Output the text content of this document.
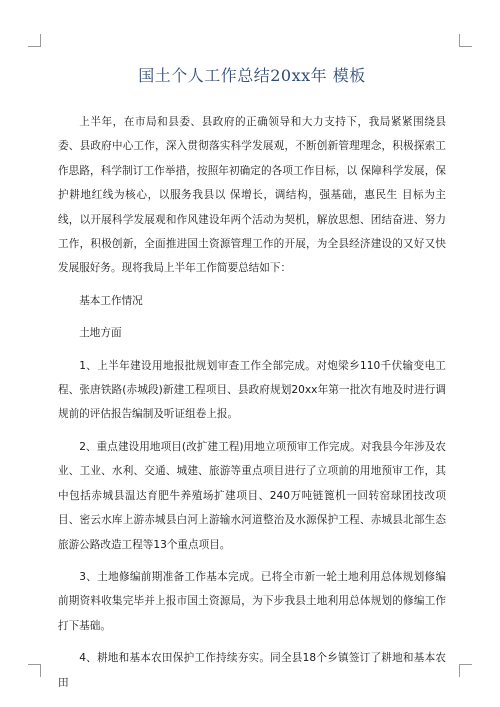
国土个人工作总结20xx年 模板

上半年，在市局和县委、县政府的正确领导和大力支持下，我局紧紧围绕县委、县政府中心工作，深入贯彻落实科学发展观，不断创新管理理念，积极探索工作思路，科学制订工作举措，按照年初确定的各项工作目标，以 保障科学发展，保护耕地红线为核心，以服务我县以 保增长，调结构，强基础，惠民生 目标为主线，以开展科学发展观和作风建设年两个活动为契机，解放思想、团结奋进、努力工作，积极创新，全面推进国土资源管理工作的开展，为全县经济建设的又好又快发展服好务。现将我局上半年工作简要总结如下：

基本工作情况

土地方面

1、上半年建设用地报批规划审查工作全部完成。对炮梁乡110千伏输变电工程、张唐铁路(赤城段)新建工程项目、县政府规划20xx年第一批次有地及时进行调规前的评估报告编制及听证组卷上报。

2、重点建设用地项目(改扩建工程)用地立项预审工作完成。对我县今年涉及农业、工业、水利、交通、城建、旅游等重点项目进行了立项前的用地预审工作，其中包括赤城县温达育肥牛养殖场扩建项目、240万吨链篦机一回转窑球团技改项目、密云水库上游赤城县白河上游输水河道整治及水源保护工程、赤城县北部生态旅游公路改造工程等13个重点项目。

3、土地修编前期准备工作基本完成。已将全市新一轮土地利用总体规划修编前期资料收集完毕并上报市国土资源局，为下步我县土地利用总体规划的修编工作打下基础。

4、耕地和基本农田保护工作持续夯实。同全县18个乡镇签订了耕地和基本农田
